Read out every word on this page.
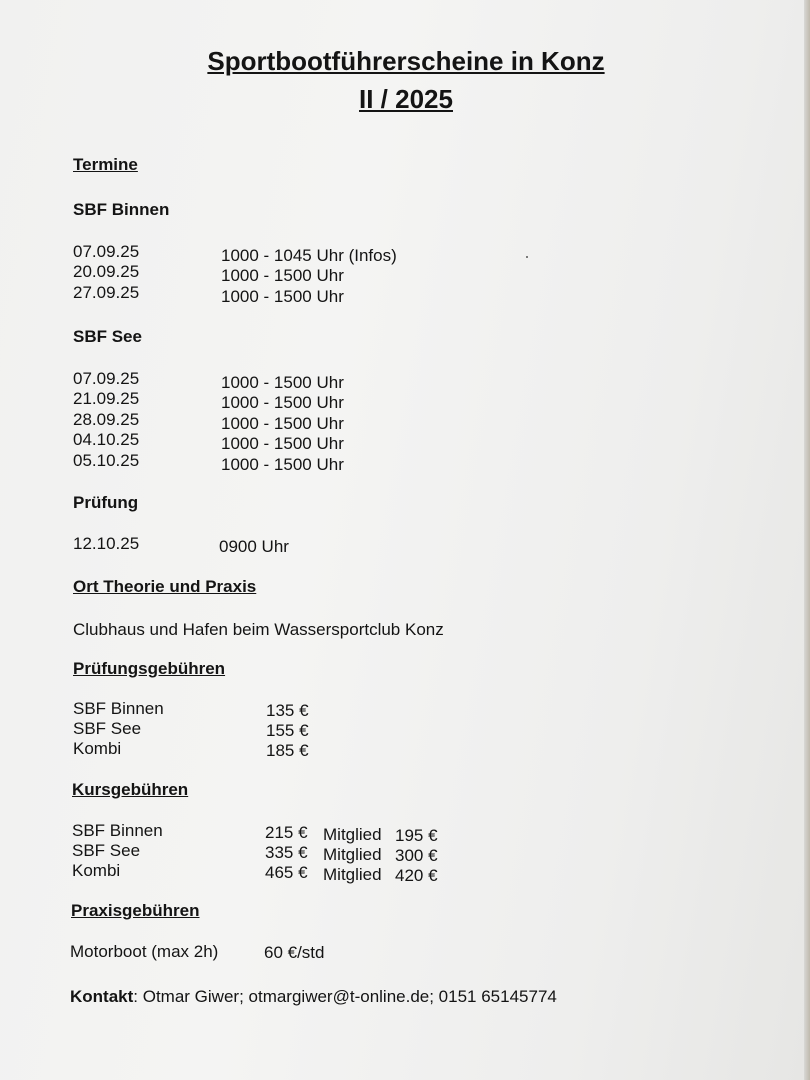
Sportbootführerscheine in Konz
II / 2025
Termine
SBF Binnen
07.09.25	1000 - 1045 Uhr (Infos)
20.09.25	1000 - 1500 Uhr
27.09.25	1000 - 1500 Uhr
SBF See
07.09.25	1000 - 1500 Uhr
21.09.25	1000 - 1500 Uhr
28.09.25	1000 - 1500 Uhr
04.10.25	1000 - 1500 Uhr
05.10.25	1000 - 1500 Uhr
Prüfung
12.10.25	0900 Uhr
Ort Theorie und Praxis
Clubhaus und Hafen beim Wassersportclub Konz
Prüfungsgebühren
SBF Binnen	135 €
SBF See	155 €
Kombi	185 €
Kursgebühren
SBF Binnen	215 € Mitglied 195 €
SBF See	335 € Mitglied 300 €
Kombi	465 € Mitglied 420 €
Praxisgebühren
Motorboot (max 2h)	60 €/std
Kontakt: Otmar Giwer; otmargiwer@t-online.de; 0151 65145774
